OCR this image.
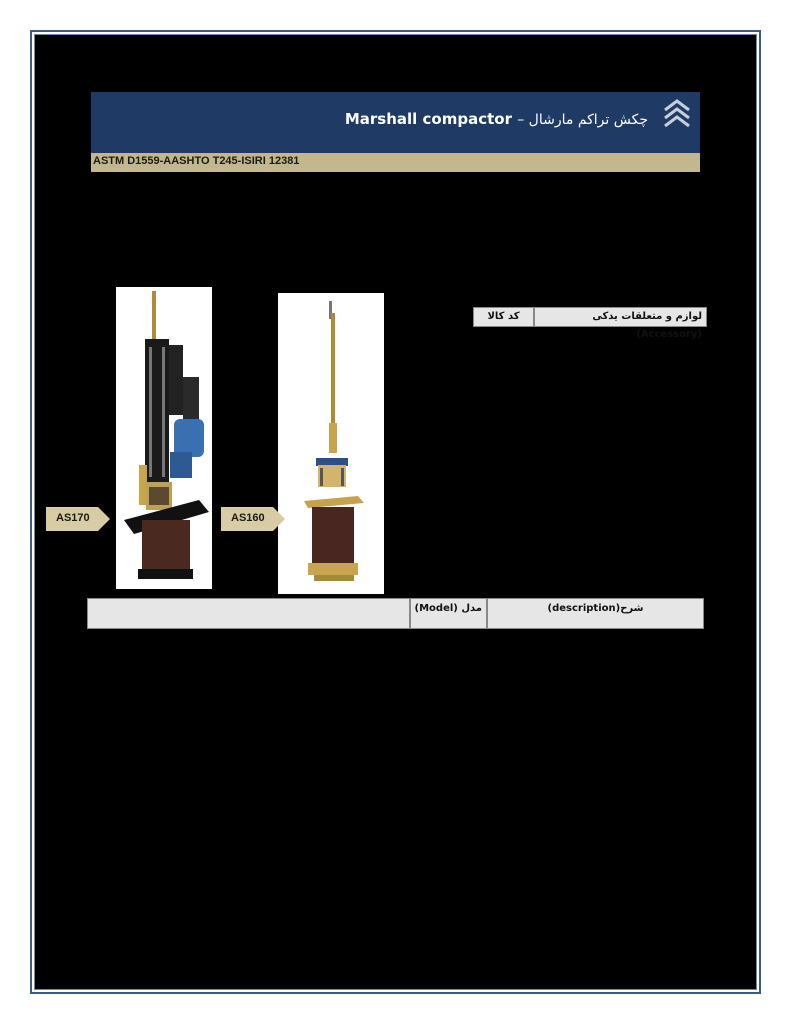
چکش تراکم مارشال – Marshall compactor
ASTM D1559-AASHTO T245-ISIRI 12381
AS170	AS160
لوازم و متعلقات یدکی (Accessory)
کد کالا
شرح(description)
مدل (Model)
